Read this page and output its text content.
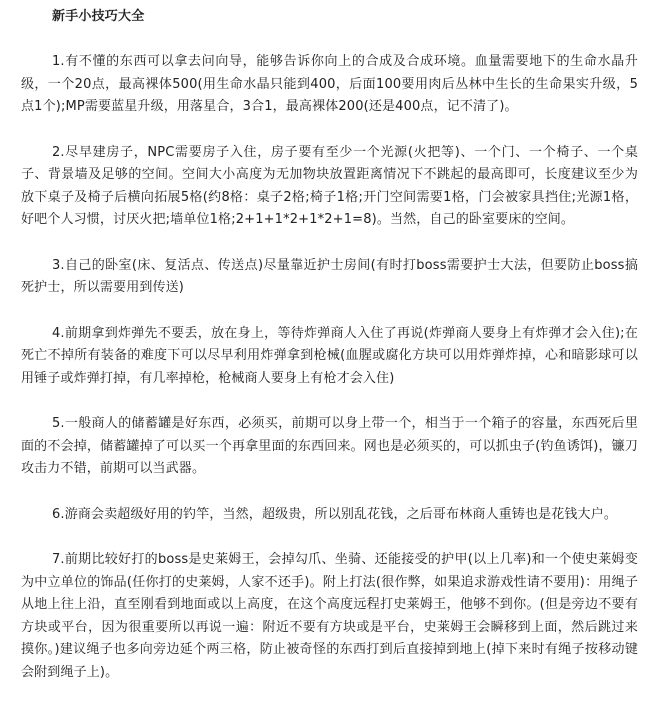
新手小技巧大全

1.有不懂的东西可以拿去问向导，能够告诉你向上的合成及合成环境。血量需要地下的生命水晶升级，一个20点，最高裸体500(用生命水晶只能到400，后面100要用肉后丛林中生长的生命果实升级，5点1个);MP需要蓝星升级，用落星合，3合1，最高裸体200(还是400点，记不清了)。

2.尽早建房子，NPC需要房子入住，房子要有至少一个光源(火把等)、一个门、一个椅子、一个桌子、背景墙及足够的空间。空间大小高度为无加物块放置距离情况下不跳起的最高即可，长度建议至少为放下桌子及椅子后横向拓展5格(约8格：桌子2格;椅子1格;开门空间需要1格，门会被家具挡住;光源1格，好吧个人习惯，讨厌火把;墙单位1格;2+1+1*2+1*2+1=8)。当然，自己的卧室要床的空间。

3.自己的卧室(床、复活点、传送点)尽量靠近护士房间(有时打boss需要护士大法，但要防止boss搞死护士，所以需要用到传送)

4.前期拿到炸弹先不要丢，放在身上，等待炸弹商人入住了再说(炸弹商人要身上有炸弹才会入住);在死亡不掉所有装备的难度下可以尽早利用炸弹拿到枪械(血腥或腐化方块可以用炸弹炸掉，心和暗影球可以用锤子或炸弹打掉，有几率掉枪，枪械商人要身上有枪才会入住)

5.一般商人的储蓄罐是好东西，必须买，前期可以身上带一个，相当于一个箱子的容量，东西死后里面的不会掉，储蓄罐掉了可以买一个再拿里面的东西回来。网也是必须买的，可以抓虫子(钓鱼诱饵)，镰刀攻击力不错，前期可以当武器。

6.游商会卖超级好用的钓竿，当然，超级贵，所以别乱花钱，之后哥布林商人重铸也是花钱大户。

7.前期比较好打的boss是史莱姆王，会掉勾爪、坐骑、还能接受的护甲(以上几率)和一个使史莱姆变为中立单位的饰品(任你打的史莱姆，人家不还手)。附上打法(很作弊，如果追求游戏性请不要用)：用绳子从地上往上沿，直至刚看到地面或以上高度，在这个高度远程打史莱姆王，他够不到你。(但是旁边不要有方块或平台，因为很重要所以再说一遍：附近不要有方块或是平台，史莱姆王会瞬移到上面，然后跳过来摸你。)建议绳子也多向旁边延个两三格，防止被奇怪的东西打到后直接掉到地上(掉下来时有绳子按移动键会附到绳子上)。
